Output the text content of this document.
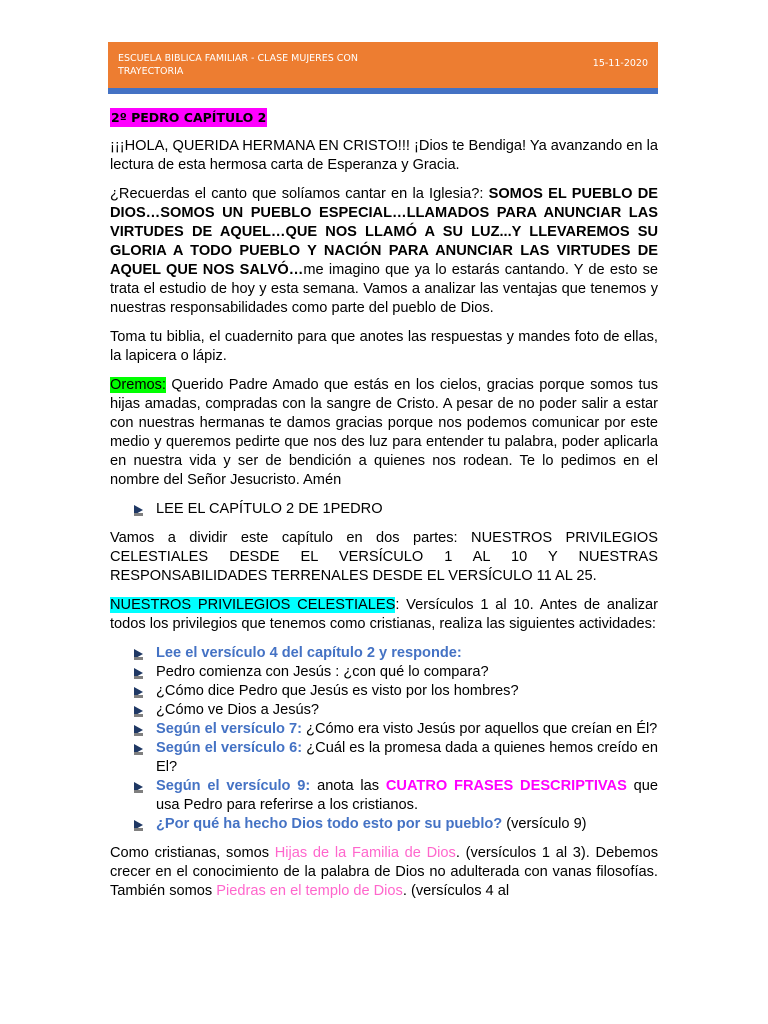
ESCUELA BIBLICA FAMILIAR - CLASE MUJERES CON TRAYECTORIA
15-11-2020
2º PEDRO CAPÍTULO 2

¡¡¡HOLA, QUERIDA HERMANA EN CRISTO!!! ¡Dios te Bendiga! Ya avanzando en la lectura de esta hermosa carta de Esperanza y Gracia.

¿Recuerdas el canto que solíamos cantar en la Iglesia?: SOMOS EL PUEBLO DE DIOS…SOMOS UN PUEBLO ESPECIAL…LLAMADOS PARA ANUNCIAR LAS VIRTUDES DE AQUEL…QUE NOS LLAMÓ A SU LUZ...Y LLEVAREMOS SU GLORIA A TODO PUEBLO Y NACIÓN PARA ANUNCIAR LAS VIRTUDES DE AQUEL QUE NOS SALVÓ…me imagino que ya lo estarás cantando. Y de esto se trata el estudio de hoy y esta semana. Vamos a analizar las ventajas que tenemos y nuestras responsabilidades como parte del pueblo de Dios.

Toma tu biblia, el cuadernito para que anotes las respuestas y mandes foto de ellas, la lapicera o lápiz.

Oremos: Querido Padre Amado que estás en los cielos, gracias porque somos tus hijas amadas, compradas con la sangre de Cristo. A pesar de no poder salir a estar con nuestras hermanas te damos gracias porque nos podemos comunicar por este medio y queremos pedirte que nos des luz para entender tu palabra, poder aplicarla en nuestra vida y ser de bendición a quienes nos rodean. Te lo pedimos en el nombre del Señor Jesucristo. Amén

LEE EL CAPÍTULO 2 DE 1PEDRO

Vamos a dividir este capítulo en dos partes: NUESTROS PRIVILEGIOS CELESTIALES DESDE EL VERSÍCULO 1 AL 10 Y NUESTRAS RESPONSABILIDADES TERRENALES DESDE EL VERSÍCULO 11 AL 25.

NUESTROS PRIVILEGIOS CELESTIALES: Versículos 1 al 10. Antes de analizar todos los privilegios que tenemos como cristianas, realiza las siguientes actividades:

Lee el versículo 4 del capítulo 2 y responde:
Pedro comienza con Jesús : ¿con qué lo compara?
¿Cómo dice Pedro que Jesús es visto por los hombres?
¿Cómo ve Dios a Jesús?
Según el versículo 7: ¿Cómo era visto Jesús por aquellos que creían en Él?
Según el versículo 6: ¿Cuál es la promesa dada a quienes hemos creído en El?
Según el versículo 9: anota las CUATRO FRASES DESCRIPTIVAS que usa Pedro para referirse a los cristianos.
¿Por qué ha hecho Dios todo esto por su pueblo? (versículo 9)

Como cristianas, somos Hijas de la Familia de Dios. (versículos 1 al 3). Debemos crecer en el conocimiento de la palabra de Dios no adulterada con vanas filosofías. También somos Piedras en el templo de Dios. (versículos 4 al
